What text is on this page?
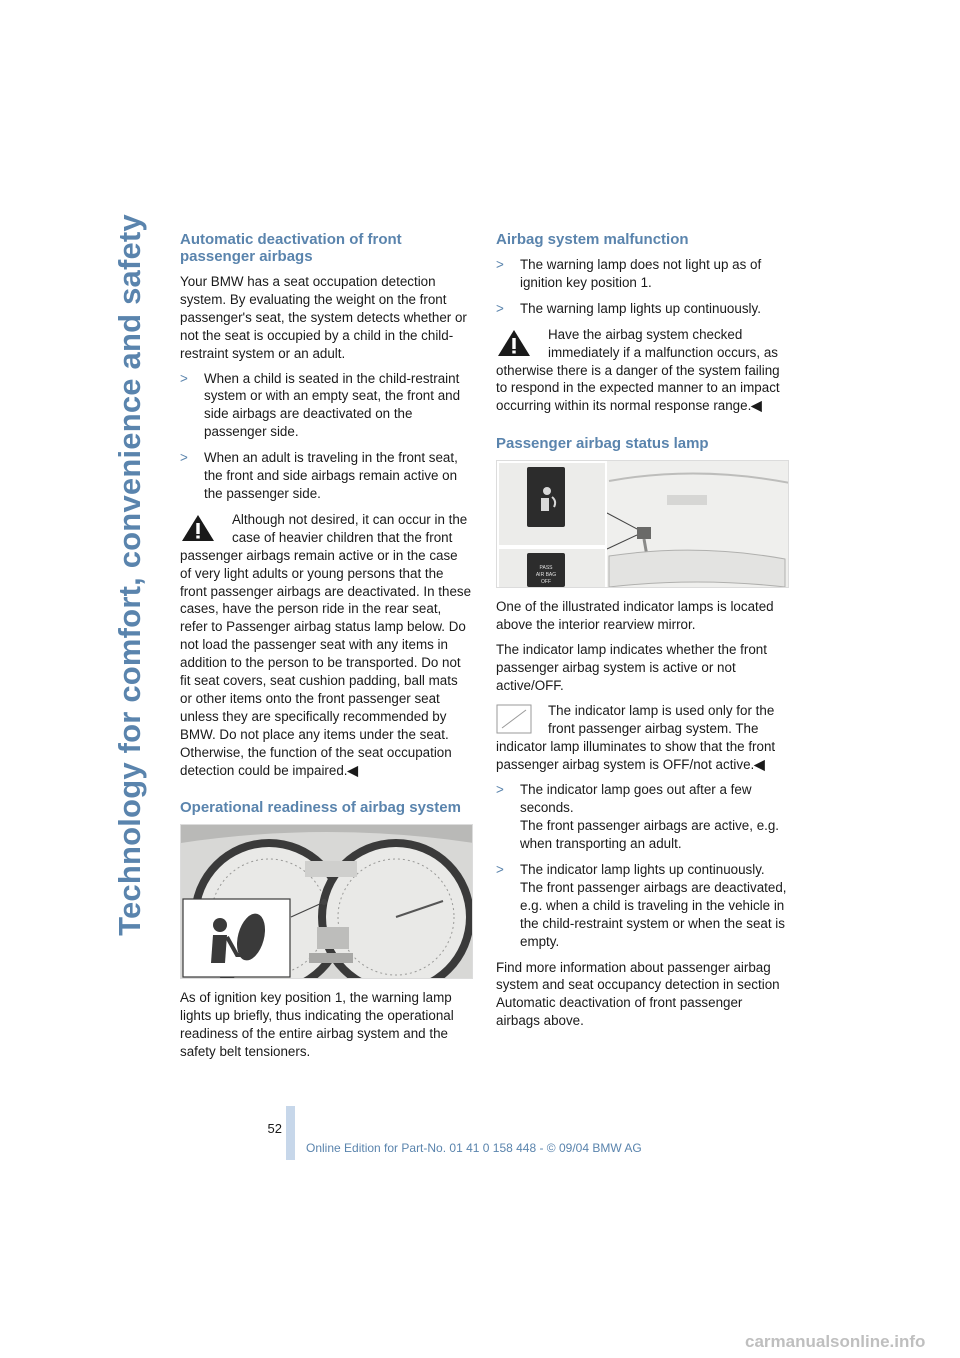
Technology for comfort, convenience and safety Automatic deactivation of front passenger airbags

Your BMW has a seat occupation detection system. By evaluating the weight on the front passenger's seat, the system detects whether or not the seat is occupied by a child in the child-restraint system or an adult.

> When a child is seated in the child-restraint system or with an empty seat, the front and side airbags are deactivated on the passenger side.
> When an adult is traveling in the front seat, the front and side airbags remain active on the passenger side.
Although not desired, it can occur in the case of heavier children that the front passenger airbags remain active or in the case of very light adults or young persons that the front passenger airbags are deactivated. In these cases, have the person ride in the rear seat, refer to Passenger airbag status lamp below. Do not load the passenger seat with any items in addition to the person to be transported. Do not fit seat covers, seat cushion padding, ball mats or other items onto the front passenger seat unless they are specifically recommended by BMW. Do not place any items under the seat. Otherwise, the function of the seat occupation detection could be impaired.◀
Operational readiness of airbag system

As of ignition key position 1, the warning lamp lights up briefly, thus indicating the operational readiness of the entire airbag system and the safety belt tensioners.

Airbag system malfunction
> The warning lamp does not light up as of ignition key position 1.
> The warning lamp lights up continuously.
Have the airbag system checked immediately if a malfunction occurs, as otherwise there is a danger of the system failing to respond in the expected manner to an impact occurring within its normal response range.◀
Passenger airbag status lamp
PASS
AIR BAG
OFF

One of the illustrated indicator lamps is located above the interior rearview mirror.

The indicator lamp indicates whether the front passenger airbag system is active or not active/OFF.

The indicator lamp is used only for the front passenger airbag system. The indicator lamp illuminates to show that the front passenger airbag system is OFF/not active.◀
> The indicator lamp goes out after a few seconds.
The front passenger airbags are active, e.g. when transporting an adult.
> The indicator lamp lights up continuously.
The front passenger airbags are deactivated, e.g. when a child is traveling in the vehicle in the child-restraint system or when the seat is empty.

Find more information about passenger airbag system and seat occupancy detection in section Automatic deactivation of front passenger airbags above.

52
Online Edition for Part-No. 01 41 0 158 448 - © 09/04 BMW AG
carmanualsonline.info
